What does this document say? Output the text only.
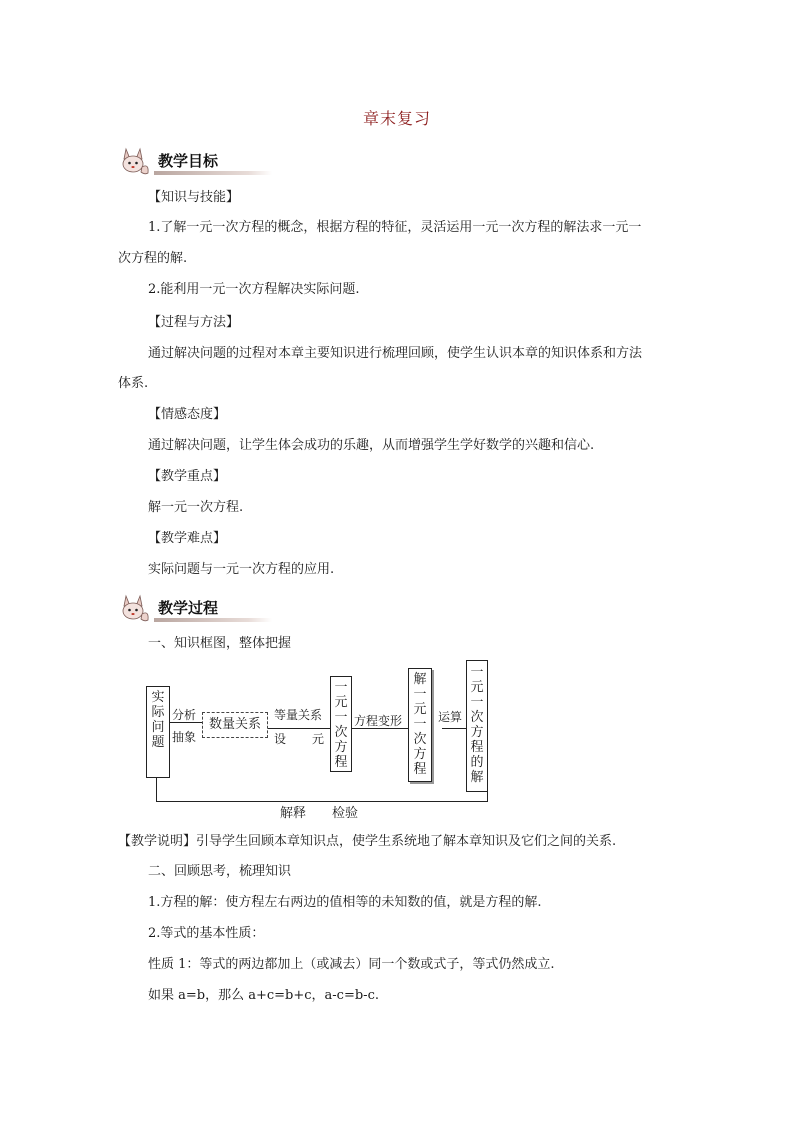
章末复习
教学目标
【知识与技能】
1.了解一元一次方程的概念，根据方程的特征，灵活运用一元一次方程的解法求一元一
次方程的解.
2.能利用一元一次方程解决实际问题.
【过程与方法】
通过解决问题的过程对本章主要知识进行梳理回顾，使学生认识本章的知识体系和方法
体系.
【情感态度】
通过解决问题，让学生体会成功的乐趣，从而增强学生学好数学的兴趣和信心.
【教学重点】
解一元一次方程.
【教学难点】
实际问题与一元一次方程的应用.
教学过程
一、知识框图，整体把握
实际问题
分析
抽象
数量关系
等量关系
设 元
一元一次方程
方程变形
解一元一次方程
运算
一元一次方程的解
解释 检验
【教学说明】引导学生回顾本章知识点，使学生系统地了解本章知识及它们之间的关系.
二、回顾思考，梳理知识
1.方程的解：使方程左右两边的值相等的未知数的值，就是方程的解.
2.等式的基本性质：
性质 1：等式的两边都加上（或减去）同一个数或式子，等式仍然成立.
如果 a=b，那么 a+c=b+c，a-c=b-c.
